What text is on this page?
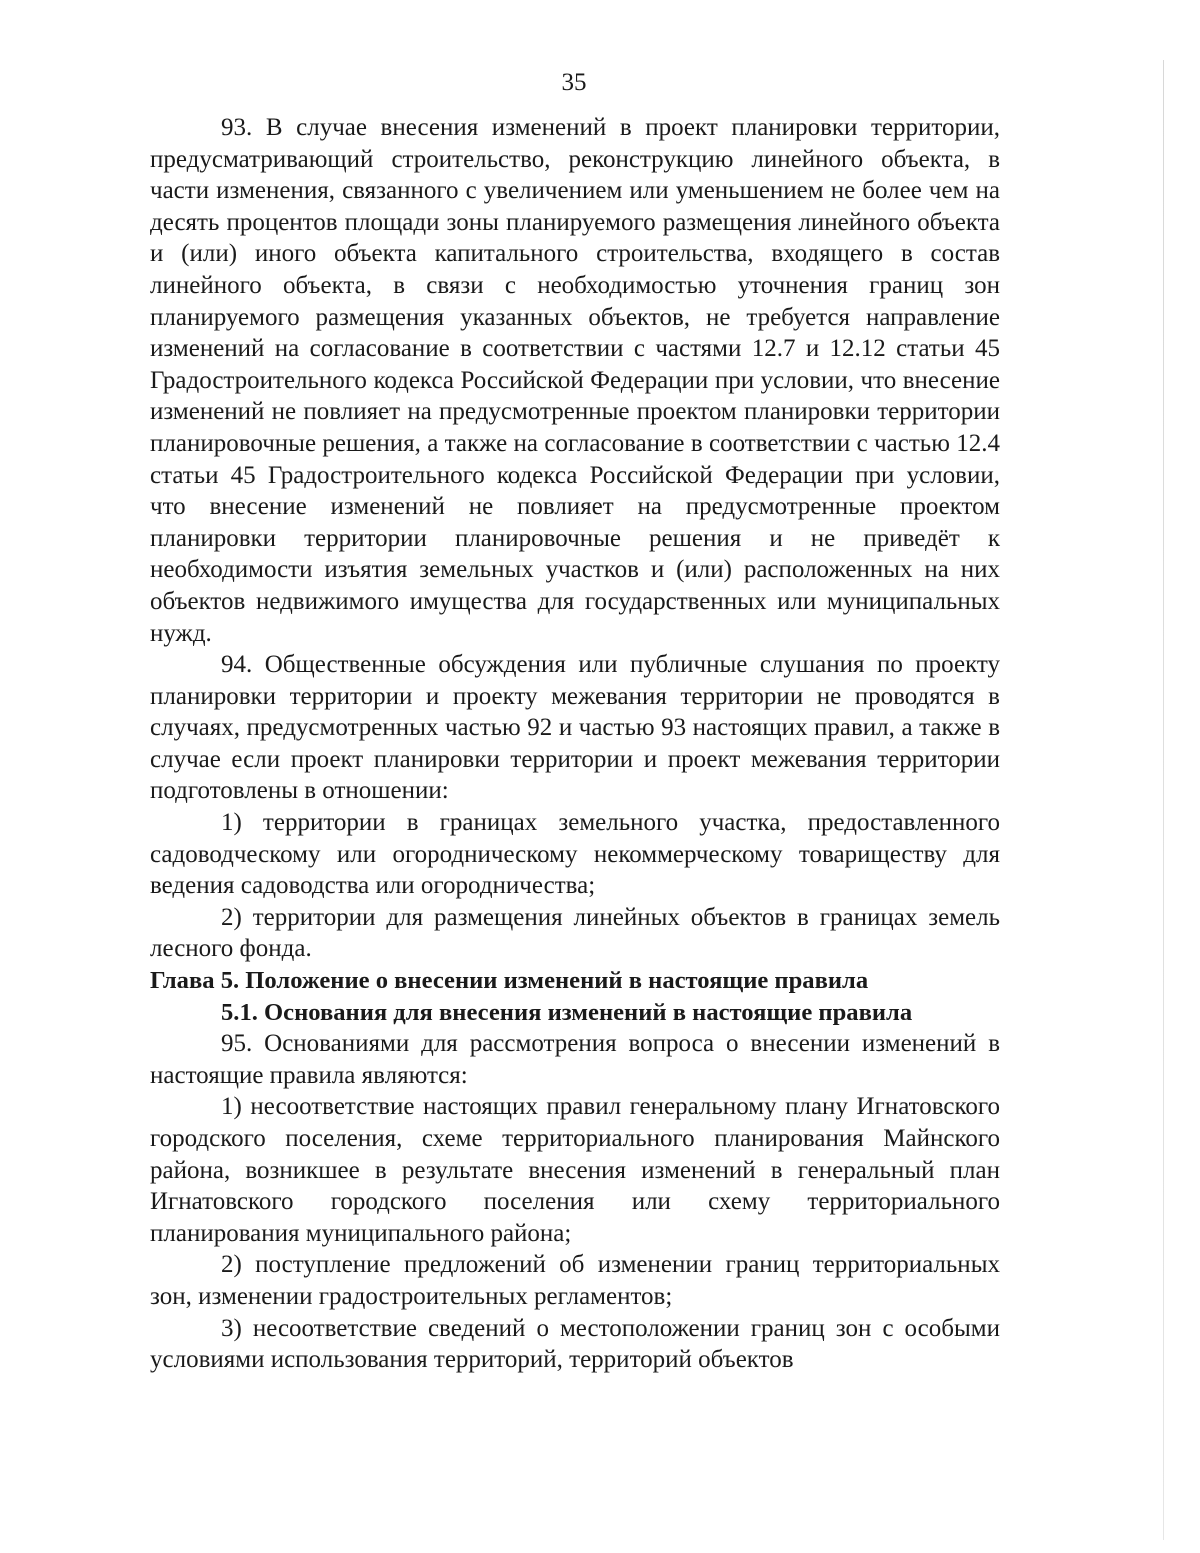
35

93. В случае внесения изменений в проект планировки территории, предусматривающий строительство, реконструкцию линейного объекта, в части изменения, связанного с увеличением или уменьшением не более чем на десять процентов площади зоны планируемого размещения линейного объекта и (или) иного объекта капитального строительства, входящего в состав линейного объекта, в связи с необходимостью уточнения границ зон планируемого размещения указанных объектов, не требуется направление изменений на согласование в соответствии с частями 12.7 и 12.12 статьи 45 Градостроительного кодекса Российской Федерации при условии, что внесение изменений не повлияет на предусмотренные проектом планировки территории планировочные решения, а также на согласование в соответствии с частью 12.4 статьи 45 Градостроительного кодекса Российской Федерации при условии, что внесение изменений не повлияет на предусмотренные проектом планировки территории планировочные решения и не приведёт к необходимости изъятия земельных участков и (или) расположенных на них объектов недвижимого имущества для государственных или муниципальных нужд.

94. Общественные обсуждения или публичные слушания по проекту планировки территории и проекту межевания территории не проводятся в случаях, предусмотренных частью 92 и частью 93 настоящих правил, а также в случае если проект планировки территории и проект межевания территории подготовлены в отношении:

1) территории в границах земельного участка, предоставленного садоводческому или огородническому некоммерческому товариществу для ведения садоводства или огородничества;

2) территории для размещения линейных объектов в границах земель лесного фонда.

Глава 5. Положение о внесении изменений в настоящие правила

5.1. Основания для внесения изменений в настоящие правила

95. Основаниями для рассмотрения вопроса о внесении изменений в настоящие правила являются:

1) несоответствие настоящих правил генеральному плану Игнатовского городского поселения, схеме территориального планирования Майнского района, возникшее в результате внесения изменений в генеральный план Игнатовского городского поселения или схему территориального планирования муниципального района;

2) поступление предложений об изменении границ территориальных зон, изменении градостроительных регламентов;

3) несоответствие сведений о местоположении границ зон с особыми условиями использования территорий, территорий объектов
